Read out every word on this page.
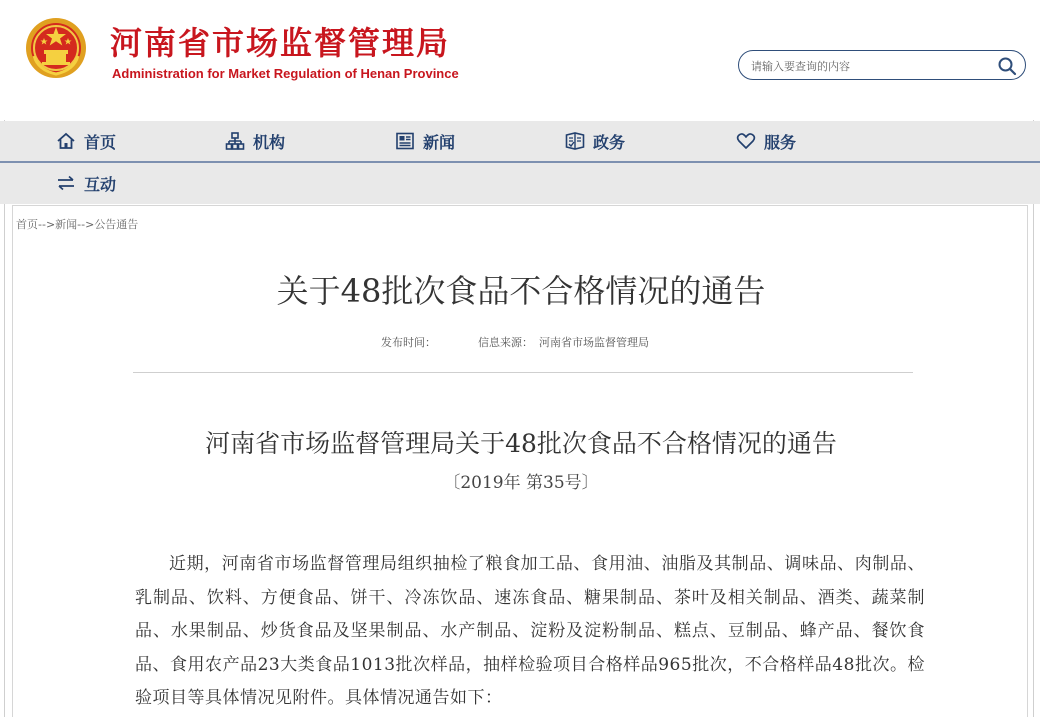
河南省市场监督管理局
Administration for Market Regulation of Henan Province
请输入要查询的内容
首页	机构	新闻	政务	服务
互动
首页-->新闻-->公告通告
关于48批次食品不合格情况的通告
发布时间：	信息来源： 河南省市场监督管理局
河南省市场监督管理局关于48批次食品不合格情况的通告
〔2019年 第35号〕
近期，河南省市场监督管理局组织抽检了粮食加工品、食用油、油脂及其制品、调味品、肉制品、乳制品、饮料、方便食品、饼干、冷冻饮品、速冻食品、糖果制品、茶叶及相关制品、酒类、蔬菜制品、水果制品、炒货食品及坚果制品、水产制品、淀粉及淀粉制品、糕点、豆制品、蜂产品、餐饮食品、食用农产品23大类食品1013批次样品，抽样检验项目合格样品965批次，不合格样品48批次。检验项目等具体情况见附件。具体情况通告如下：
